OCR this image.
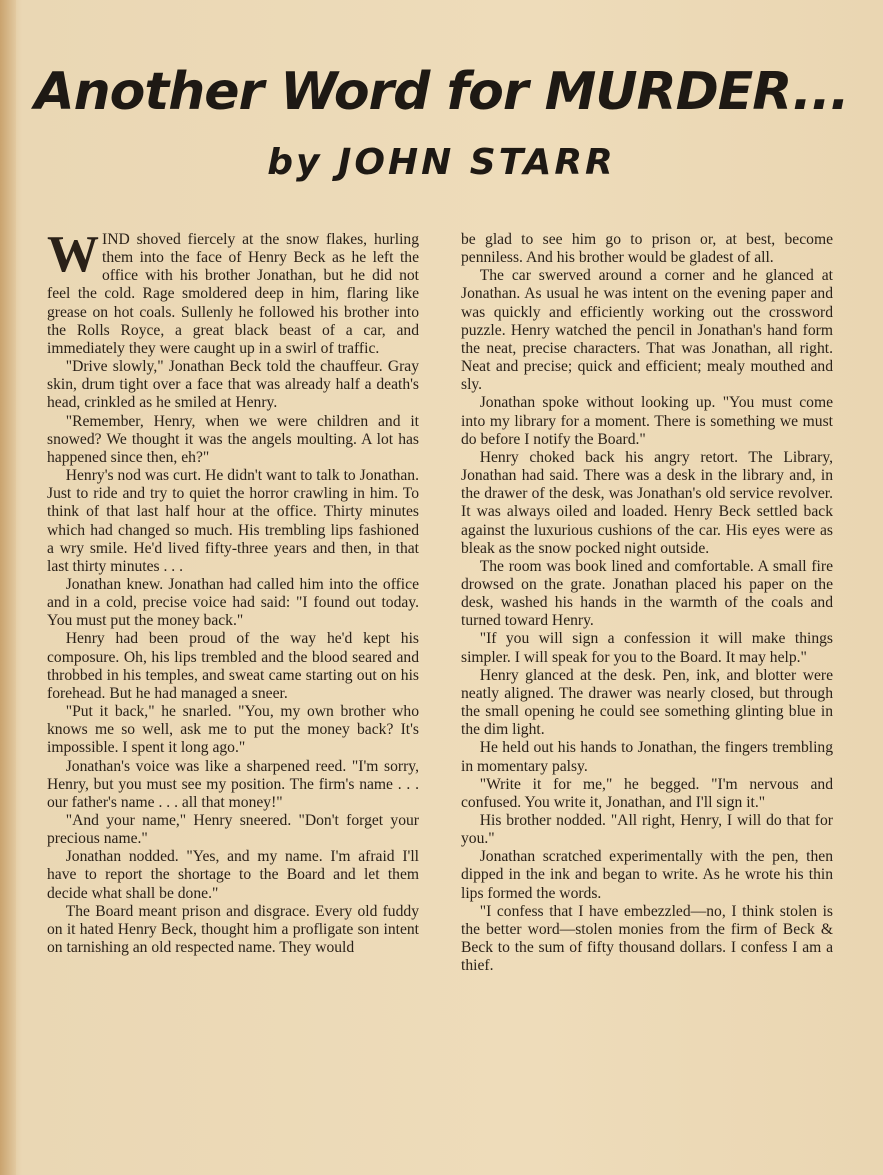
Another Word for MURDER...
by JOHN STARR

WIND shoved fiercely at the snow flakes, hurling them into the face of Henry Beck as he left the office with his brother Jonathan, but he did not feel the cold. Rage smoldered deep in him, flaring like grease on hot coals. Sullenly he followed his brother into the Rolls Royce, a great black beast of a car, and immediately they were caught up in a swirl of traffic.

"Drive slowly," Jonathan Beck told the chauffeur. Gray skin, drum tight over a face that was already half a death's head, crinkled as he smiled at Henry.

"Remember, Henry, when we were children and it snowed? We thought it was the angels moulting. A lot has happened since then, eh?"

Henry's nod was curt. He didn't want to talk to Jonathan. Just to ride and try to quiet the horror crawling in him. To think of that last half hour at the office. Thirty minutes which had changed so much. His trembling lips fashioned a wry smile. He'd lived fifty-three years and then, in that last thirty minutes . . .

Jonathan knew. Jonathan had called him into the office and in a cold, precise voice had said: "I found out today. You must put the money back."

Henry had been proud of the way he'd kept his composure. Oh, his lips trembled and the blood seared and throbbed in his temples, and sweat came starting out on his forehead. But he had managed a sneer.

"Put it back," he snarled. "You, my own brother who knows me so well, ask me to put the money back? It's impossible. I spent it long ago."

Jonathan's voice was like a sharpened reed. "I'm sorry, Henry, but you must see my position. The firm's name . . . our father's name . . . all that money!"

"And your name," Henry sneered. "Don't forget your precious name."

Jonathan nodded. "Yes, and my name. I'm afraid I'll have to report the shortage to the Board and let them decide what shall be done."

The Board meant prison and disgrace. Every old fuddy on it hated Henry Beck, thought him a profligate son intent on tarnishing an old respected name. They would

be glad to see him go to prison or, at best, become penniless. And his brother would be gladest of all.

The car swerved around a corner and he glanced at Jonathan. As usual he was intent on the evening paper and was quickly and efficiently working out the crossword puzzle. Henry watched the pencil in Jonathan's hand form the neat, precise characters. That was Jonathan, all right. Neat and precise; quick and efficient; mealy mouthed and sly.

Jonathan spoke without looking up. "You must come into my library for a moment. There is something we must do before I notify the Board."

Henry choked back his angry retort. The Library, Jonathan had said. There was a desk in the library and, in the drawer of the desk, was Jonathan's old service revolver. It was always oiled and loaded. Henry Beck settled back against the luxurious cushions of the car. His eyes were as bleak as the snow pocked night outside.

The room was book lined and comfortable. A small fire drowsed on the grate. Jonathan placed his paper on the desk, washed his hands in the warmth of the coals and turned toward Henry.

"If you will sign a confession it will make things simpler. I will speak for you to the Board. It may help."

Henry glanced at the desk. Pen, ink, and blotter were neatly aligned. The drawer was nearly closed, but through the small opening he could see something glinting blue in the dim light.

He held out his hands to Jonathan, the fingers trembling in momentary palsy.

"Write it for me," he begged. "I'm nervous and confused. You write it, Jonathan, and I'll sign it."

His brother nodded. "All right, Henry, I will do that for you."

Jonathan scratched experimentally with the pen, then dipped in the ink and began to write. As he wrote his thin lips formed the words.

"I confess that I have embezzled—no, I think stolen is the better word—stolen monies from the firm of Beck & Beck to the sum of fifty thousand dollars. I confess I am a thief.
